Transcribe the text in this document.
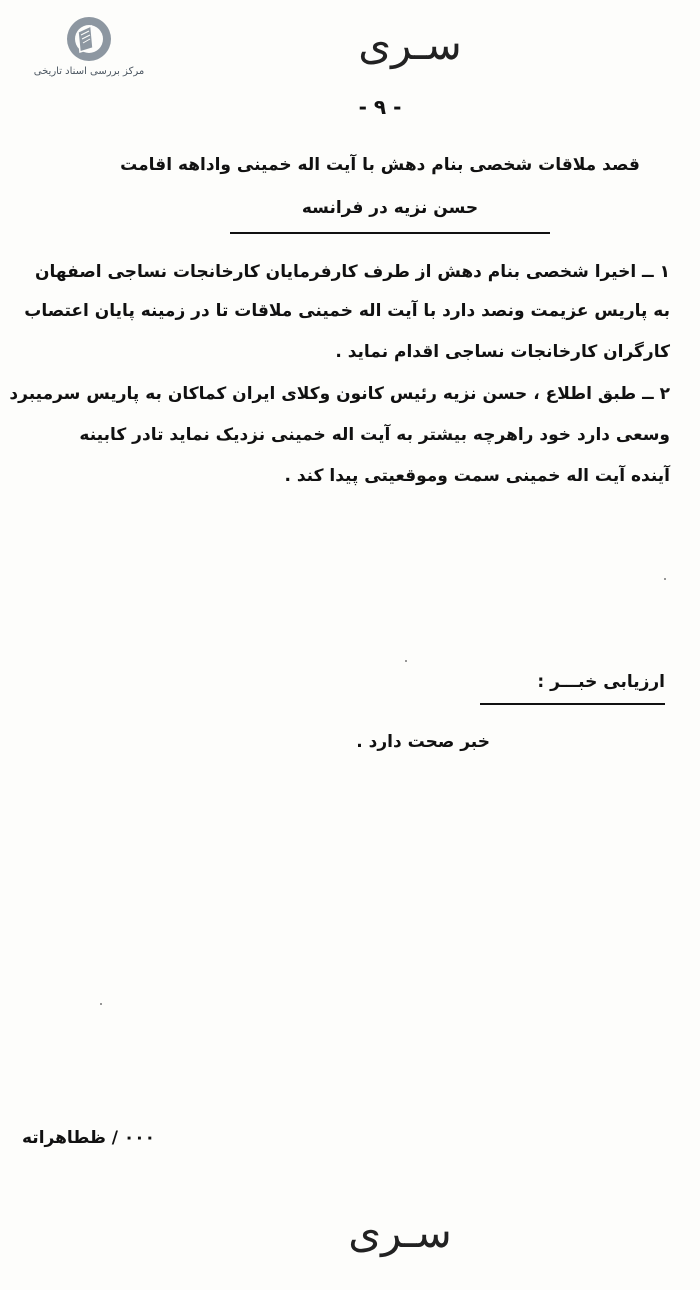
مرکز بررسی اسناد تاریخی
سـری
- ۹ -
قصد ملاقات شخصی بنام دهش با آیت اله خمینی واداهه اقامت
حسن نزیه در فرانسه
۱ ــ اخیرا شخصی بنام دهش از طرف کارفرمایان کارخانجات نساجی اصفهان
به پاریس عزیمت ونصد دارد با آیت اله خمینی ملاقات تا در زمینه پایان اعتصاب
کارگران کارخانجات نساجی اقدام نماید .
۲ ــ طبق اطلاع ، حسن نزیه رئیس کانون وکلای ایران کماکان به پاریس سرمیبرد
وسعی دارد خود راهرچه بیشتر به آیت اله خمینی نزدیک نماید تادر کابینه
آینده آیت اله خمینی سمت وموقعیتی پیدا کند .
ارزیابی خبـــر :
خبر صحت دارد .
۰۰۰ / ظطاهراته
سـری
